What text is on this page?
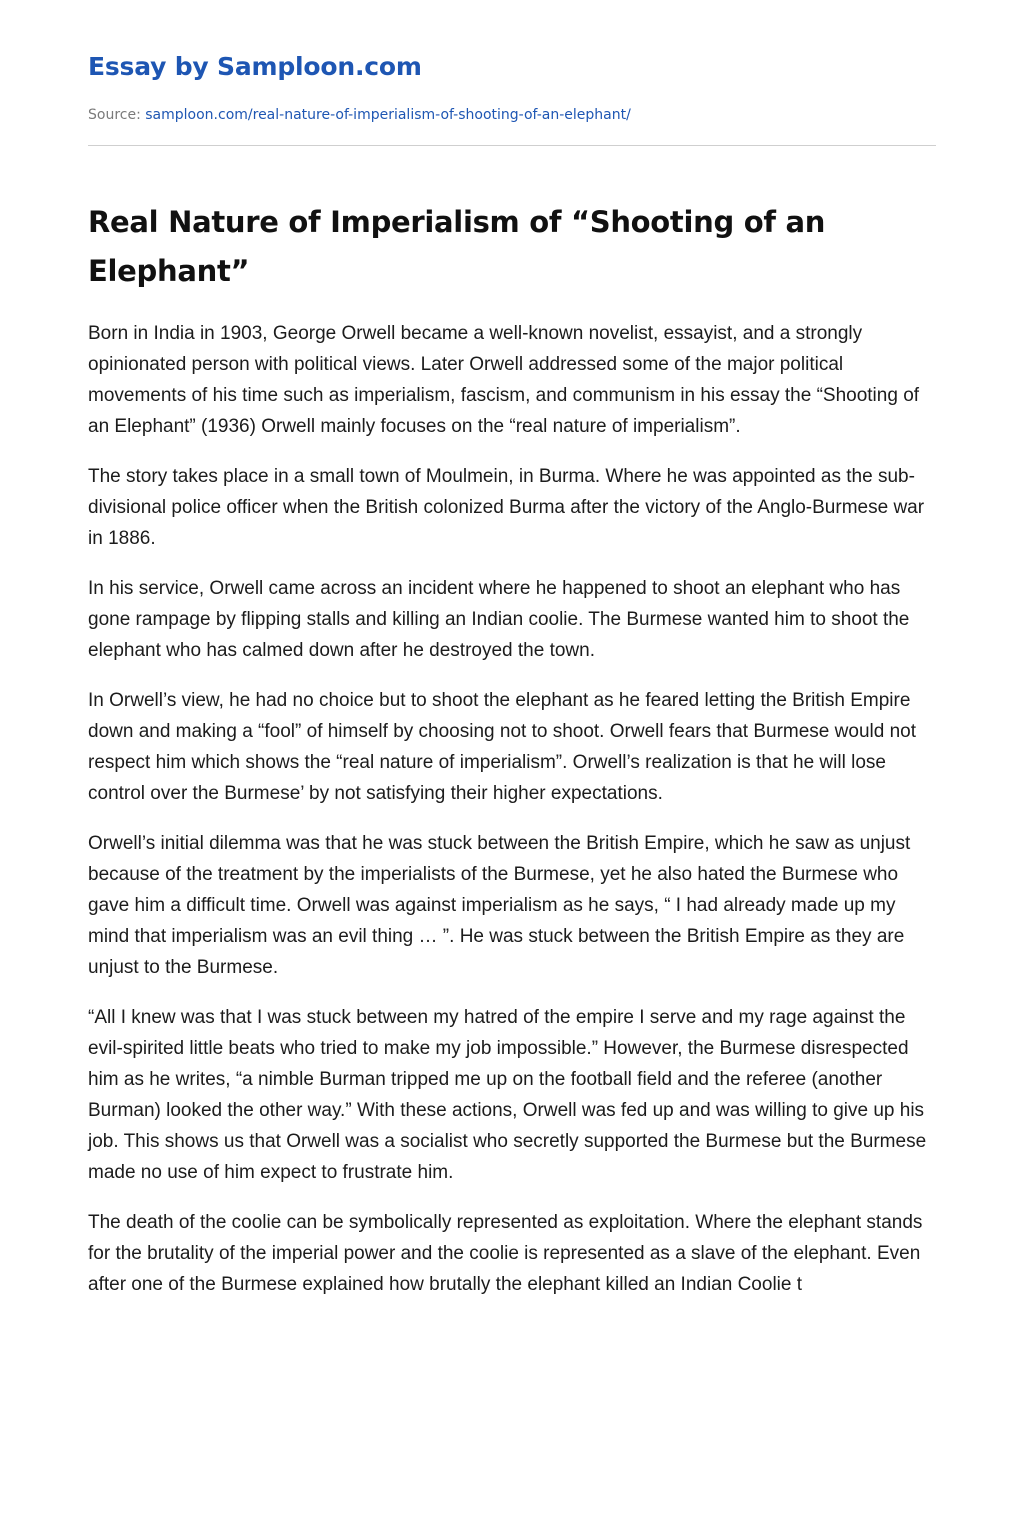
Essay by Samploon.com
Source: samploon.com/real-nature-of-imperialism-of-shooting-of-an-elephant/
Real Nature of Imperialism of “Shooting of an Elephant”

Born in India in 1903, George Orwell became a well-known novelist, essayist, and a strongly opinionated person with political views. Later Orwell addressed some of the major political movements of his time such as imperialism, fascism, and communism in his essay the “Shooting of an Elephant” (1936) Orwell mainly focuses on the “real nature of imperialism”.

The story takes place in a small town of Moulmein, in Burma. Where he was appointed as the sub-divisional police officer when the British colonized Burma after the victory of the Anglo-Burmese war in 1886.

In his service, Orwell came across an incident where he happened to shoot an elephant who has gone rampage by flipping stalls and killing an Indian coolie. The Burmese wanted him to shoot the elephant who has calmed down after he destroyed the town.

In Orwell’s view, he had no choice but to shoot the elephant as he feared letting the British Empire down and making a “fool” of himself by choosing not to shoot. Orwell fears that Burmese would not respect him which shows the “real nature of imperialism”. Orwell’s realization is that he will lose control over the Burmese’ by not satisfying their higher expectations.

Orwell’s initial dilemma was that he was stuck between the British Empire, which he saw as unjust because of the treatment by the imperialists of the Burmese, yet he also hated the Burmese who gave him a difficult time. Orwell was against imperialism as he says, “ I had already made up my mind that imperialism was an evil thing … ”. He was stuck between the British Empire as they are unjust to the Burmese.

“All I knew was that I was stuck between my hatred of the empire I serve and my rage against the evil-spirited little beats who tried to make my job impossible.” However, the Burmese disrespected him as he writes, “a nimble Burman tripped me up on the football field and the referee (another Burman) looked the other way.” With these actions, Orwell was fed up and was willing to give up his job. This shows us that Orwell was a socialist who secretly supported the Burmese but the Burmese made no use of him expect to frustrate him.

The death of the coolie can be symbolically represented as exploitation. Where the elephant stands for the brutality of the imperial power and the coolie is represented as a slave of the elephant. Even after one of the Burmese explained how brutally the elephant killed an Indian Coolie t
